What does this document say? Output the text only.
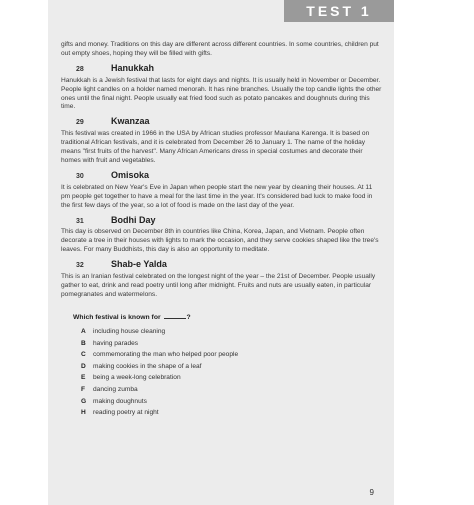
TEST 1

gifts and money. Traditions on this day are different across different countries. In some countries, children put out empty shoes, hoping they will be filled with gifts.

28	Hanukkah

Hanukkah is a Jewish festival that lasts for eight days and nights. It is usually held in November or December. People light candles on a holder named menorah. It has nine branches. Usually the top candle lights the other ones until the final night. People usually eat fried food such as potato pancakes and doughnuts during this time.

29	Kwanzaa

This festival was created in 1966 in the USA by African studies professor Maulana Karenga. It is based on traditional African festivals, and it is celebrated from December 26 to January 1. The name of the holiday means "first fruits of the harvest". Many African Americans dress in special costumes and decorate their homes with fruit and vegetables.

30	Omisoka

It is celebrated on New Year's Eve in Japan when people start the new year by cleaning their houses. At 11 pm people get together to have a meal for the last time in the year. It's considered bad luck to make food in the first few days of the year, so a lot of food is made on the last day of the year.

31	Bodhi Day

This day is observed on December 8th in countries like China, Korea, Japan, and Vietnam. People often decorate a tree in their houses with lights to mark the occasion, and they serve cookies shaped like the tree's leaves. For many Buddhists, this day is also an opportunity to meditate.

32	Shab-e Yalda

This is an Iranian festival celebrated on the longest night of the year – the 21st of December. People usually gather to eat, drink and read poetry until long after midnight. Fruits and nuts are usually eaten, in particular pomegranates and watermelons.

Which festival is known for	?
A	including house cleaning
B	having parades
C	commemorating the man who helped poor people
D	making cookies in the shape of a leaf
E	being a week-long celebration
F	dancing zumba
G	making doughnuts
H	reading poetry at night
9
